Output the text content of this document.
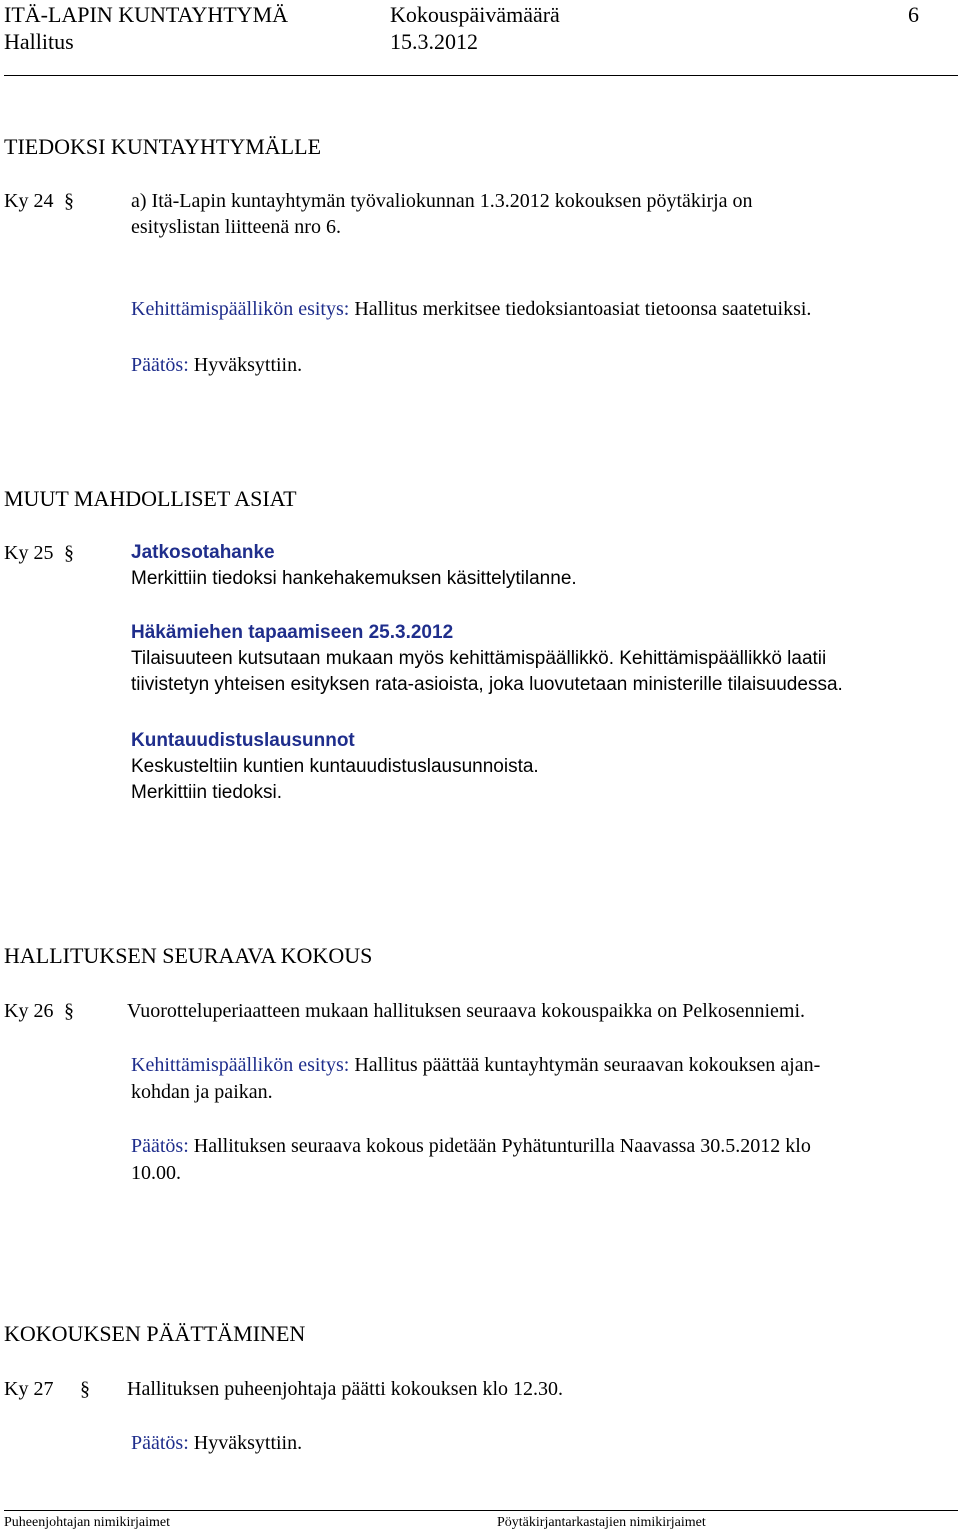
ITÄ-LAPIN KUNTAYHTYMÄ	Kokouspäivämäärä	6
Hallitus	15.3.2012
TIEDOKSI KUNTAYHTYMÄLLE
Ky 24 §	a) Itä-Lapin kuntayhtymän työvaliokunnan 1.3.2012 kokouksen pöytäkirja on
esityslistan liitteenä nro 6.
Kehittämispäällikön esitys: Hallitus merkitsee tiedoksiantoasiat tietoonsa saatetuiksi.
Päätös: Hyväksyttiin.
MUUT MAHDOLLISET ASIAT
Ky 25 §	Jatkosotahanke
Merkittiin tiedoksi hankehakemuksen käsittelytilanne.
Häkämiehen tapaamiseen 25.3.2012
Tilaisuuteen kutsutaan mukaan myös kehittämispäällikkö. Kehittämispäällikkö laatii
tiivistetyn yhteisen esityksen rata-asioista, joka luovutetaan ministerille tilaisuudessa.
Kuntauudistuslausunnot
Keskusteltiin kuntien kuntauudistuslausunnoista.
Merkittiin tiedoksi.
HALLITUKSEN SEURAAVA KOKOUS
Ky 26 §	Vuorotteluperiaatteen mukaan hallituksen seuraava kokouspaikka on Pelkosenniemi.
Kehittämispäällikön esitys: Hallitus päättää kuntayhtymän seuraavan kokouksen ajan-
kohdan ja paikan.
Päätös: Hallituksen seuraava kokous pidetään Pyhätunturilla Naavassa 30.5.2012 klo
10.00.
KOKOUKSEN PÄÄTTÄMINEN
Ky 27 § Hallituksen puheenjohtaja päätti kokouksen klo 12.30.
Päätös: Hyväksyttiin.
Puheenjohtajan nimikirjaimet	Pöytäkirjantarkastajien nimikirjaimet
